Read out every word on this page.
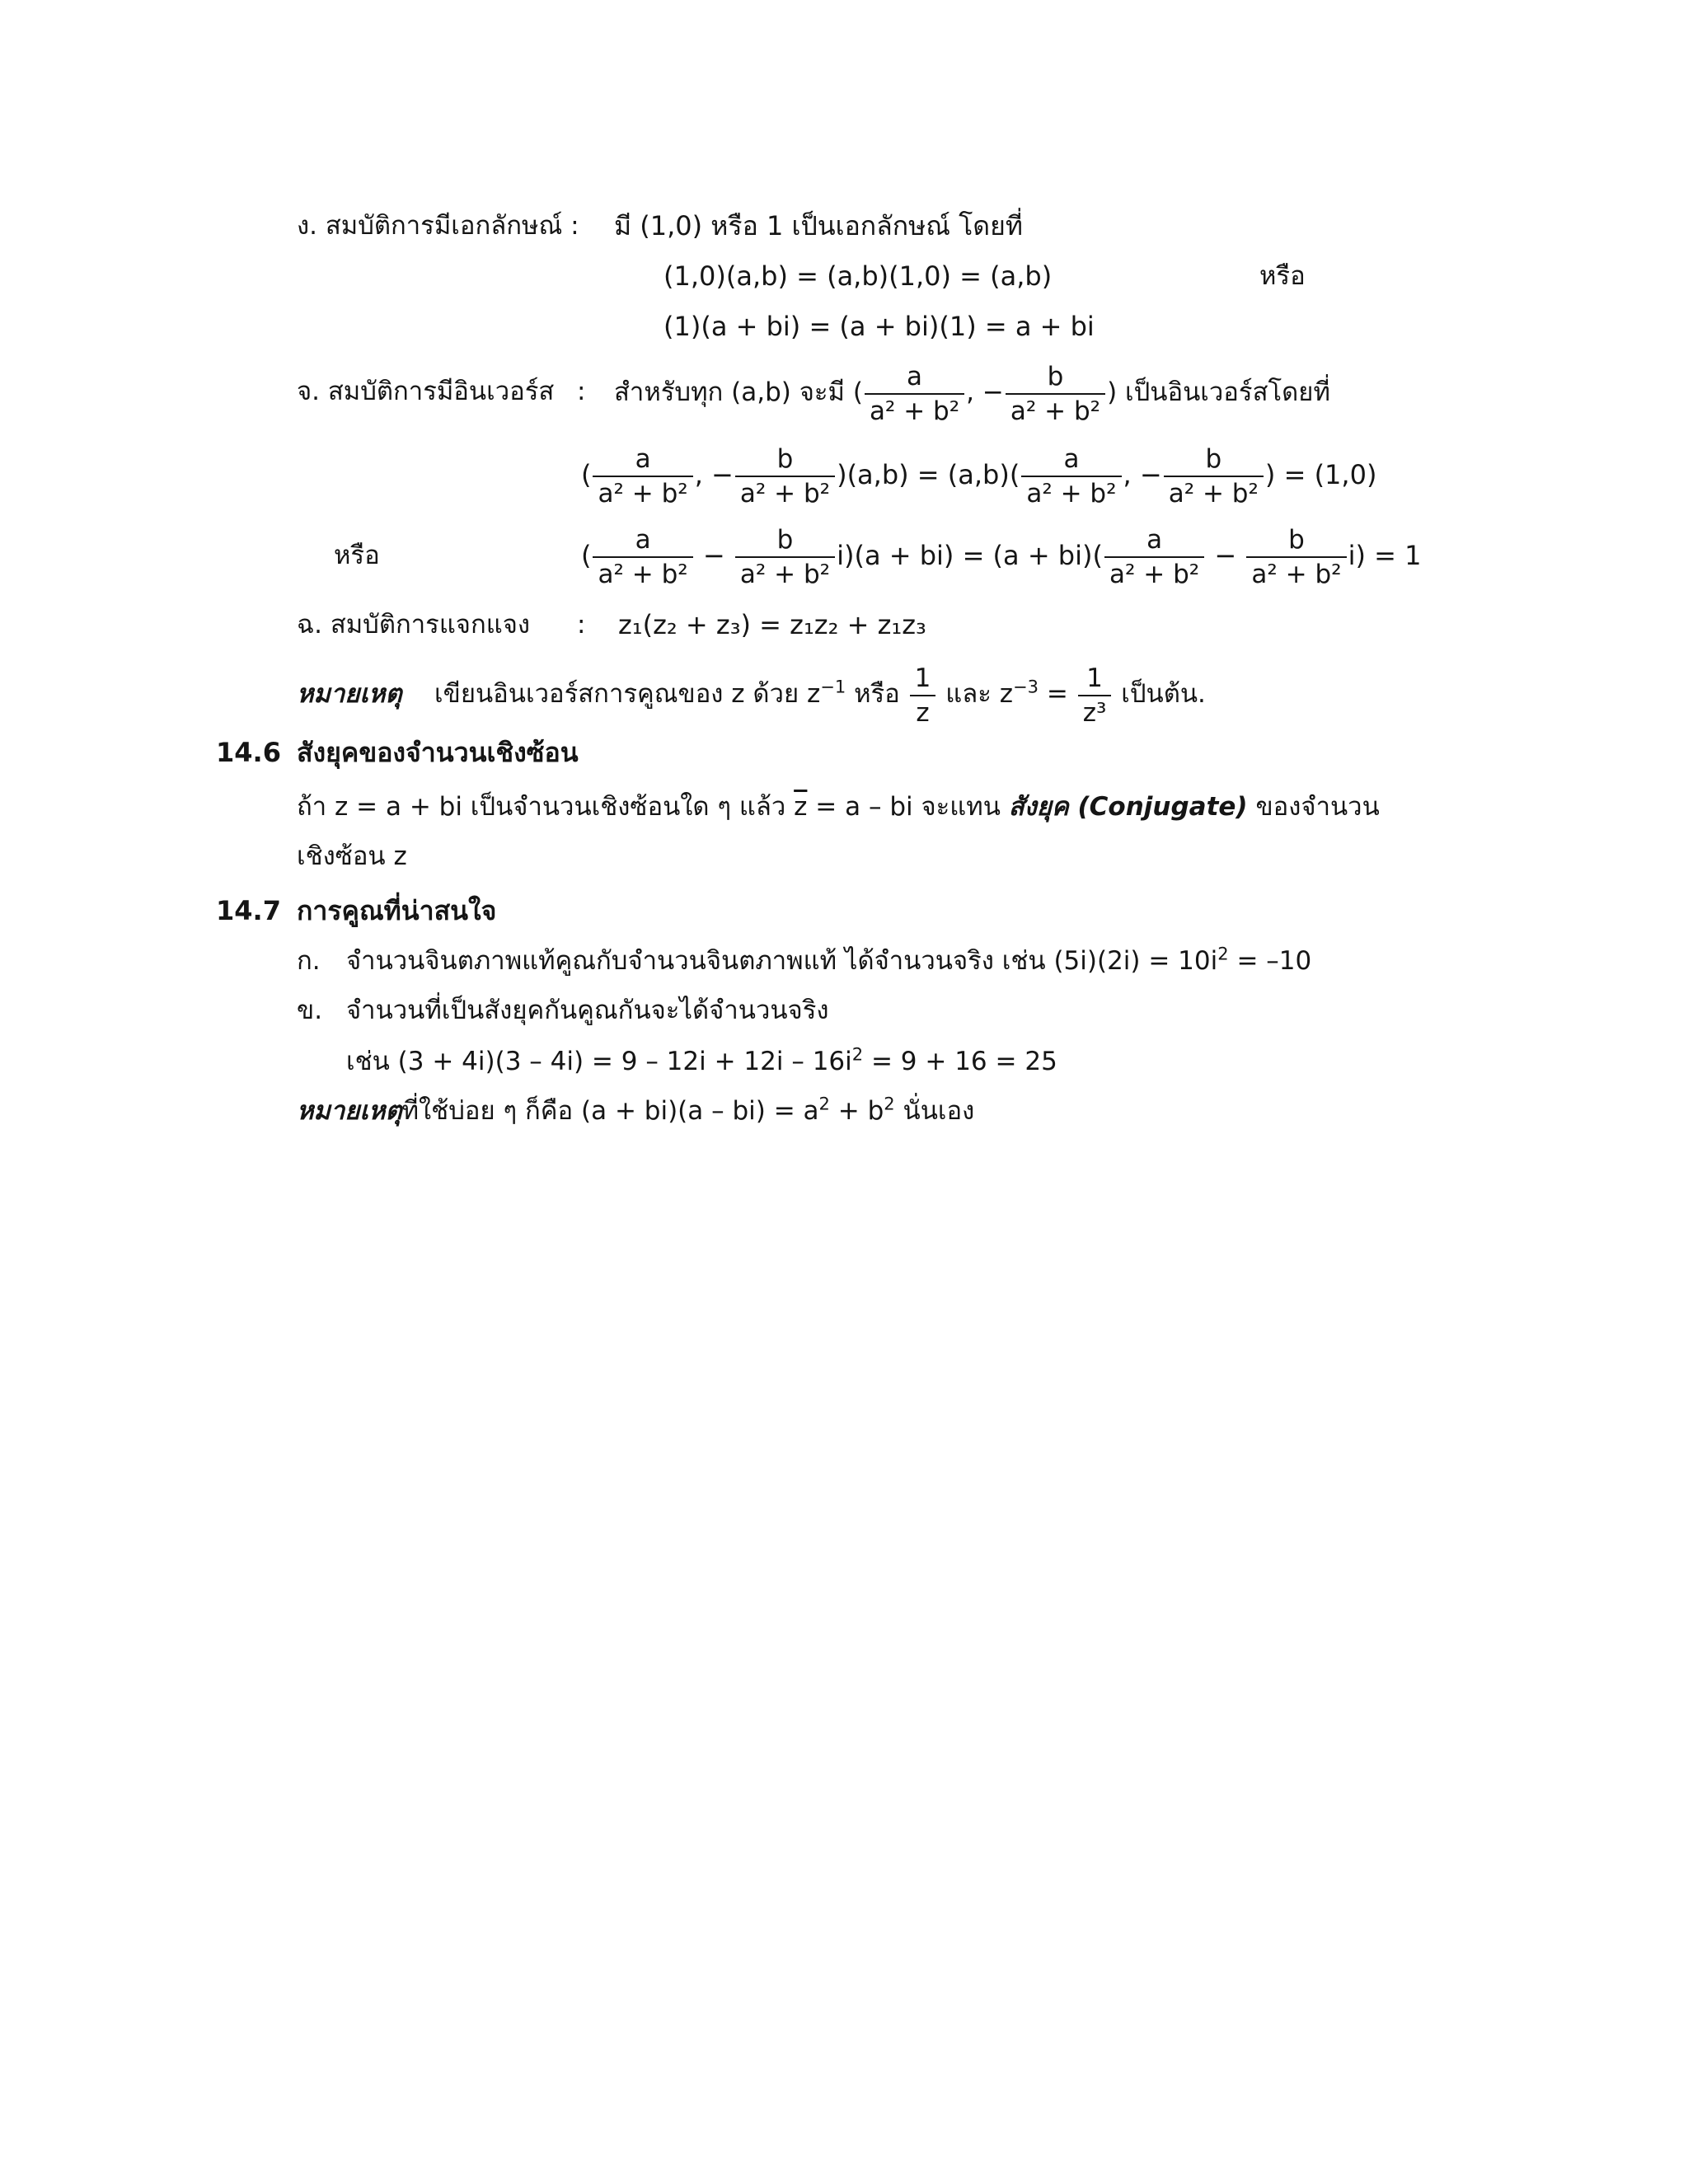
ง. สมบัติการมีเอกลักษณ์ : มี (1,0) หรือ 1 เป็นเอกลักษณ์ โดยที่
(1,0)(a,b) = (a,b)(1,0) = (a,b)	หรือ
(1)(a + bi) = (a + bi)(1) = a + bi
จ. สมบัติการมีอินเวอร์ส : สำหรับทุก (a,b) จะมี ( $\frac{a}{\text{a² + b²}}$ , − $\frac{b}{\text{a² + b²}}$ ) เป็นอินเวอร์สโดยที่
( $\frac{a}{\text{a² + b²}}$ , − $\frac{b}{\text{a² + b²}} )(a,b) = (a,b)( \frac{a}{\text{a² + b²}}$ , − $\frac{b}{\text{a² + b²}}$ ) = (1,0)
หรือ	( $\frac{a}{\text{a² + b²}} - \frac{b}{\text{a² + b²}} i)(a + bi) = (a + bi)( \frac{a}{\text{a² + b²}} - \frac{b}{\text{a² + b²}} i) = 1$
ฉ. สมบัติการแจกแจง : z₁(z₂ + z₃) = z₁z₂ + z₁z₃
หมายเหตุ เขียนอินเวอร์สการคูณของ z ด้วย $z^{-1}$ หรือ $\frac{1}{z}$ และ $z^{-3} = \frac{1}{\text{z³}}$ เป็นต้น.
14.6 สังยุคของจำนวนเชิงซ้อน
ถ้า z = a + bi เป็นจำนวนเชิงซ้อนใด ๆ แล้ว $\overline{z} = a$ – bi จะแทน สังยุค (Conjugate) ของจำนวน
เชิงซ้อน z
14.7 การคูณที่น่าสนใจ
ก. จำนวนจินตภาพแท้คูณกับจำนวนจินตภาพแท้ ได้จำนวนจริง เช่น $(5i)(2i) = 10i^2 = -10$
ข. จำนวนที่เป็นสังยุคกันคูณกันจะได้จำนวนจริง
เช่น $(3 + 4i)(3 - 4i) = 9 - 12i + 12i - 16i^2 = 9 + 16 = 25$
หมายเหตุที่ใช้บ่อย ๆ ก็คือ $(a + bi)(a - bi) = a^2 + b^2$ นั่นเอง
